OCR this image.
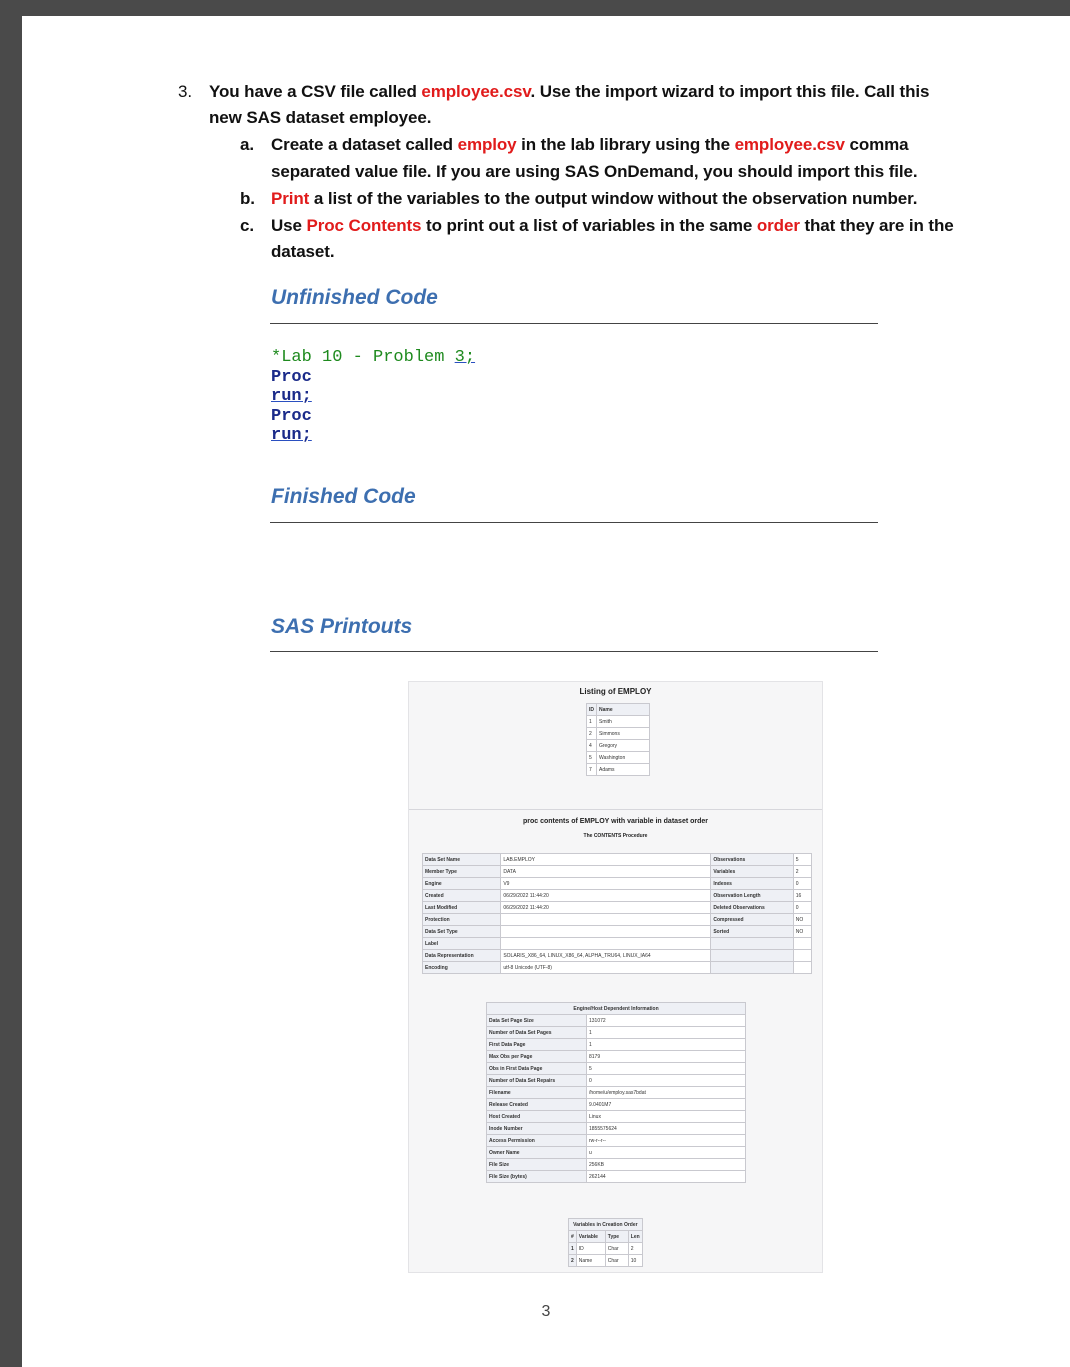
3. You have a CSV file called employee.csv. Use the import wizard to import this file. Call this
new SAS dataset employee.
a. Create a dataset called employ in the lab library using the employee.csv comma
separated value file. If you are using SAS OnDemand, you should import this file.
b. Print a list of the variables to the output window without the observation number.
c. Use Proc Contents to print out a list of variables in the same order that they are in the
dataset.
Unfinished Code
*Lab 10 - Problem 3;
Proc
run;
Proc
run;
Finished Code
SAS Printouts
Listing of EMPLOY
ID	Name
1	Smith
2	Simmons
4	Gregory
5	Washington
7	Adams
proc contents of EMPLOY with variable in dataset order
The CONTENTS Procedure
Data Set Name	LAB.EMPLOY	Observations	5
Member Type	DATA	Variables	2
Engine	V9	Indexes	0
Created	06/29/2022 11:44:20	Observation Length	16
Last Modified	06/29/2022 11:44:20	Deleted Observations	0
Protection		Compressed	NO
Data Set Type		Sorted	NO
Label			
Data Representation	SOLARIS_X86_64, LINUX_X86_64, ALPHA_TRU64, LINUX_IA64		
Encoding	utf-8 Unicode (UTF-8)		
Engine/Host Dependent Information	
Data Set Page Size	131072
Number of Data Set Pages	1
First Data Page	1
Max Obs per Page	8179
Obs in First Data Page	5
Number of Data Set Repairs	0
Filename	/home/u/employ.sas7bdat
Release Created	9.0401M7
Host Created	Linux
Inode Number	1855575624
Access Permission	rw-r--r--
Owner Name	u
File Size	256KB
File Size (bytes)	262144
Variables in Creation Order			
#	Variable	Type	Len
1	ID	Char	2
2	Name	Char	10
3
